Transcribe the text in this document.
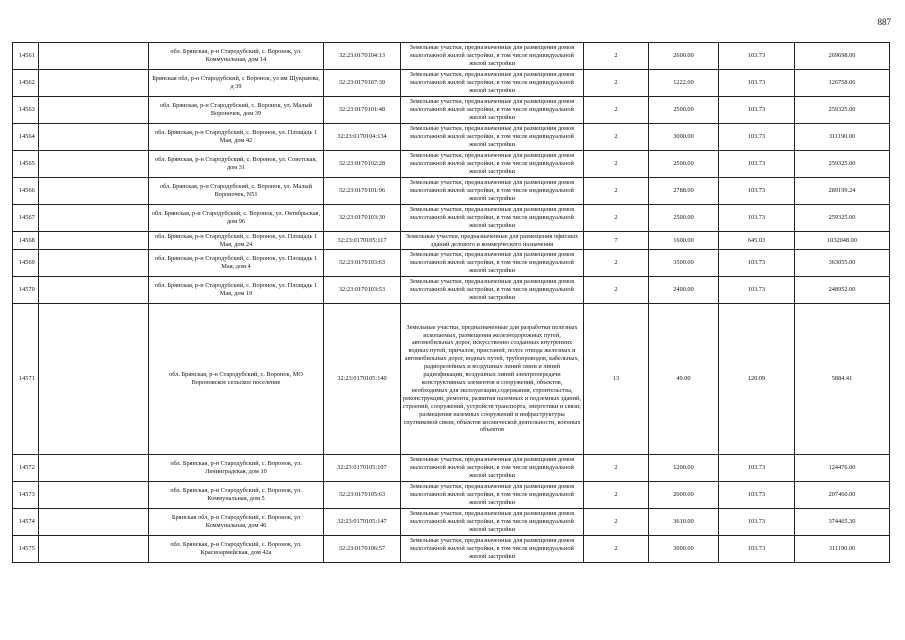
887
14561		обл. Брянская, р-н Стародубский, с. Воронок, ул. Коммунальная, дом 14	32:23:0170104:13	Земельные участки, предназначенные для размещения домов малоэтажной жилой застройки, в том числе индивидуальной жилой застройки	2	2600.00	103.73	269698.00
14562		Брянская обл, р-н Стародубский, с Воронок, ул им Щукраюва, д 39	32:23:0170107:39	Земельные участки, предназначенные для размещения домов малоэтажной жилой застройки, в том числе индивидуальной жилой застройки	2	1222.00	103.73	126758.06
14563		обл. Брянская, р-н Стародубский, с. Воронок, ул. Малый Вороночек, дом 39	32:23:0170101:48	Земельные участки, предназначенные для размещения домов малоэтажной жилой застройки, в том числе индивидуальной жилой застройки	2	2500.00	103.73	259325.00
14564		обл. Брянская, р-н Стародубский, с. Воронок, ул. Площадь 1 Мая, дом 42	32:23:0170104:134	Земельные участки, предназначенные для размещения домов малоэтажной жилой застройки, в том числе индивидуальной жилой застройки	2	3000.00	103.73	311190.00
14565		обл. Брянская, р-н Стародубский, с. Воронок, ул. Советская, дом 31	32:23:0170102:28	Земельные участки, предназначенные для размещения домов малоэтажной жилой застройки, в том числе индивидуальной жилой застройки	2	2500.00	103.73	259325.00
14566		обл. Брянская, р-н Стародубский, с. Воронок, ул. Малый Вороночек, N51	32:23:0170101:96	Земельные участки, предназначенные для размещения домов малоэтажной жилой застройки, в том числе индивидуальной жилой застройки	2	2788.00	103.73	289199.24
14567		обл. Брянская, р-н Стародубский, с. Воронок, ул. Октябрьская, дом 96	32:23:0170103:30	Земельные участки, предназначенные для размещения домов малоэтажной жилой застройки, в том числе индивидуальной жилой застройки	2	2500.00	103.73	259325.00
14568		обл. Брянская, р-н Стародубский, с. Воронок, ул. Площадь 1 Мая, дом 24	32:23:0170105:117	Земельные участки, предназначенные для размещения офисных зданий делового и коммерческого назначения	7	1600.00	645.03	1032048.00
14569		обл. Брянская, р-н Стародубский, с. Воронок, ул. Площадь 1 Мая, дом 4	32:23:0170103:63	Земельные участки, предназначенные для размещения домов малоэтажной жилой застройки, в том числе индивидуальной жилой застройки	2	3500.00	103.73	363055.00
14570		обл. Брянская, р-н Стародубский, с. Воронок, ул. Площадь 1 Мая, дом 19	32:23:0170103:53	Земельные участки, предназначенные для размещения домов малоэтажной жилой застройки, в том числе индивидуальной жилой застройки	2	2400.00	103.73	248952.00
14571		обл. Брянская, р-н Стародубский, с. Воронок, МО Вороновское сельское поселение	32:23:0170105:140	Земельные участки, предназначенные для разработки полезных ископаемых, размещения железнодорожных путей, автомобильных дорог, искусственно созданных внутренних водных путей, причалов, пристаней, полос отвода железных и автомобильных дорог, водных путей, трубопроводов, кабельных, радиорелейных и воздушных линий связи и линий радиофикации, воздушных линий электропередачи конструктивных элементов и сооружений, объектов, необходимых для эксплуатации,содержания, строительства, реконструкции, ремонта, развития наземных и подземных зданий, строений, сооружений, устройств транспорта, энергетики и связи; размещения наземных сооружений и инфраструктуры спутниковой связи, объектов космической деятельности, военных объектов	13	49.00	120.09	5884.41
14572		обл. Брянская, р-н Стародубский, с. Воронок, ул. Ленинградская, дом 10	32:23:0170105:107	Земельные участки, предназначенные для размещения домов малоэтажной жилой застройки, в том числе индивидуальной жилой застройки	2	1200.00	103.73	124476.00
14573		обл. Брянская, р-н Стародубский, с. Воронок, ул. Коммунальная, дом 5	32:23:0170105:63	Земельные участки, предназначенные для размещения домов малоэтажной жилой застройки, в том числе индивидуальной жилой застройки	2	2000.00	103.73	207460.00
14574		Брянская обл, р-н Стародубский, с. Воронок, ул Коммунальная, дом 46	32:23:0170105:147	Земельные участки, предназначенные для размещения домов малоэтажной жилой застройки, в том числе индивидуальной жилой застройки	2	3610.00	103.73	374465.30
14575		обл. Брянская, р-н Стародубский, с. Воронок, ул. Красноармейская, дом 42а	32:23:0170106:57	Земельные участки, предназначенные для размещения домов малоэтажной жилой застройки, в том числе индивидуальной жилой застройки	2	3000.00	103.73	311190.00
